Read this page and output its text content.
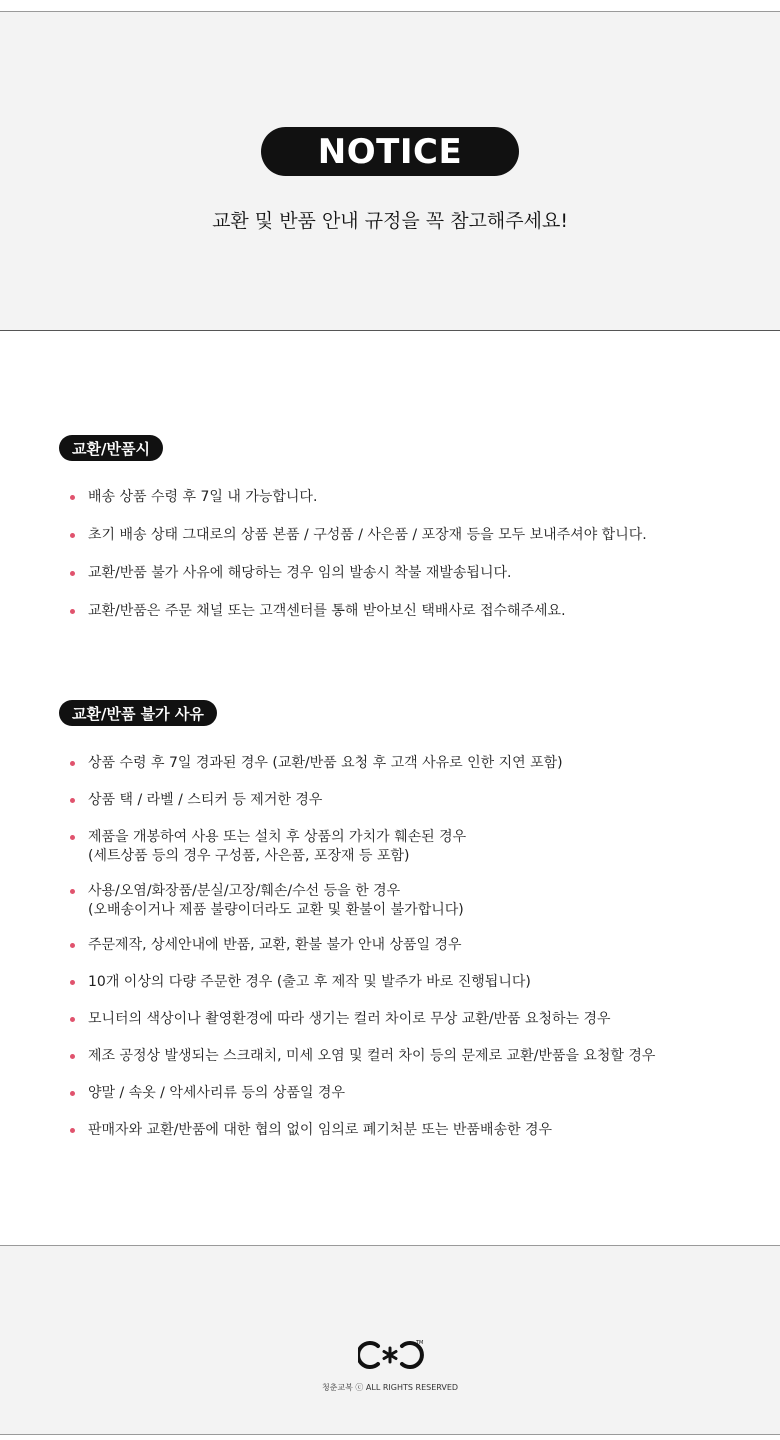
NOTICE
교환 및 반품 안내 규정을 꼭 참고해주세요!
교환/반품시
배송 상품 수령 후 7일 내 가능합니다.
초기 배송 상태 그대로의 상품 본품 / 구성품 / 사은품 / 포장재 등을 모두 보내주셔야 합니다.
교환/반품 불가 사유에 해당하는 경우 임의 발송시 착불 재발송됩니다.
교환/반품은 주문 채널 또는 고객센터를 통해 받아보신 택배사로 접수해주세요.
교환/반품 불가 사유
상품 수령 후 7일 경과된 경우 (교환/반품 요청 후 고객 사유로 인한 지연 포함)
상품 택 / 라벨 / 스티커 등 제거한 경우
제품을 개봉하여 사용 또는 설치 후 상품의 가치가 훼손된 경우
(세트상품 등의 경우 구성품, 사은품, 포장재 등 포함)
사용/오염/화장품/분실/고장/훼손/수선 등을 한 경우
(오배송이거나 제품 불량이더라도 교환 및 환불이 불가합니다)
주문제작, 상세안내에 반품, 교환, 환불 불가 안내 상품일 경우
10개 이상의 다량 주문한 경우 (출고 후 제작 및 발주가 바로 진행됩니다)
모니터의 색상이나 촬영환경에 따라 생기는 컬러 차이로 무상 교환/반품 요청하는 경우
제조 공정상 발생되는 스크래치, 미세 오염 및 컬러 차이 등의 문제로 교환/반품을 요청할 경우
양말 / 속옷 / 악세사리류 등의 상품일 경우
판매자와 교환/반품에 대한 협의 없이 임의로 폐기처분 또는 반품배송한 경우
TM
청춘교복 ⓒ ALL RIGHTS RESERVED
